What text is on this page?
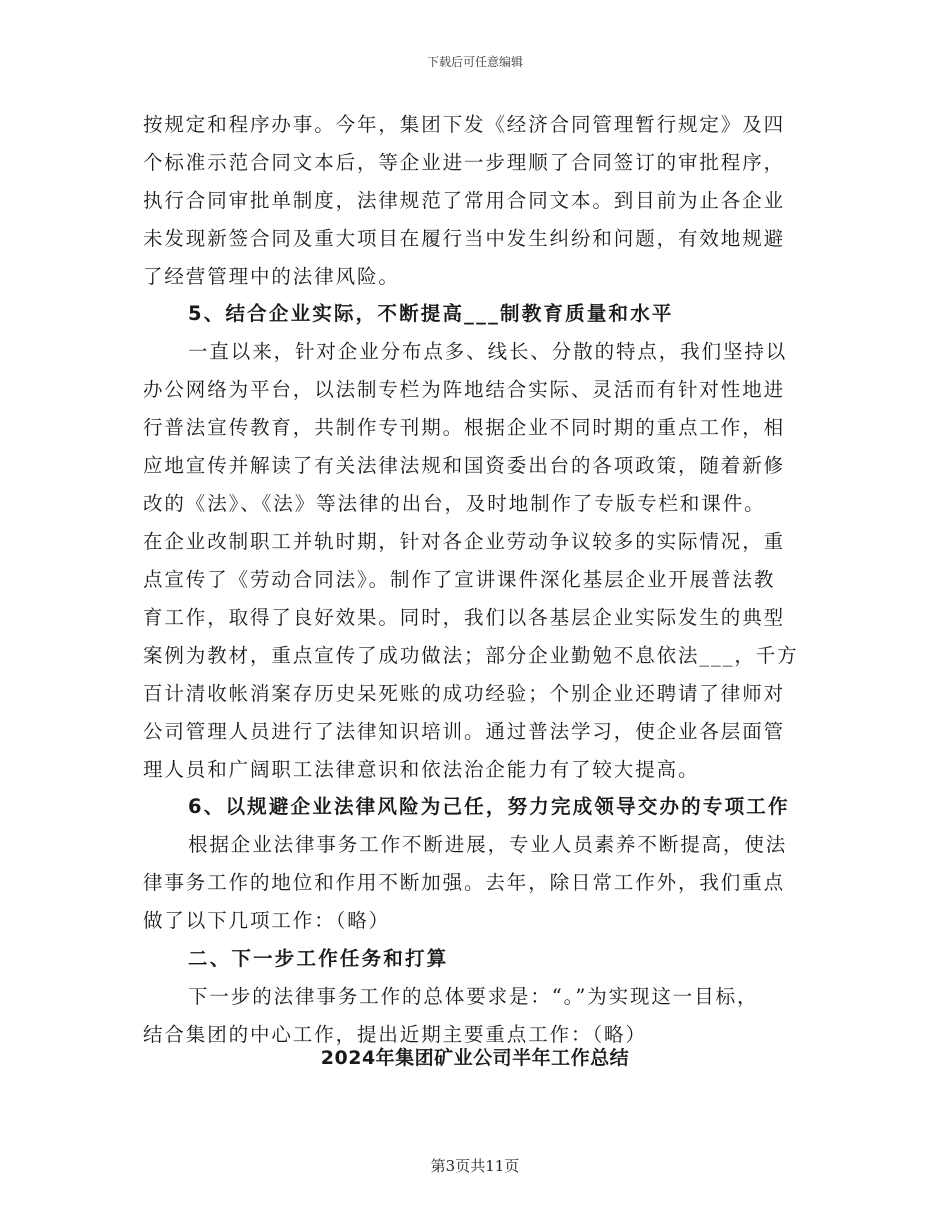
下载后可任意编辑
按规定和程序办事。今年，集团下发《经济合同管理暂行规定》及四
个标准示范合同文本后，等企业进一步理顺了合同签订的审批程序，
执行合同审批单制度，法律规范了常用合同文本。到目前为止各企业
未发现新签合同及重大项目在履行当中发生纠纷和问题，有效地规避
了经营管理中的法律风险。
5、结合企业实际，不断提高___制教育质量和水平
一直以来，针对企业分布点多、线长、分散的特点，我们坚持以
办公网络为平台，以法制专栏为阵地结合实际、灵活而有针对性地进
行普法宣传教育，共制作专刊期。根据企业不同时期的重点工作，相
应地宣传并解读了有关法律法规和国资委出台的各项政策，随着新修
改的《法》、《法》等法律的出台，及时地制作了专版专栏和课件。
在企业改制职工并轨时期，针对各企业劳动争议较多的实际情况，重
点宣传了《劳动合同法》。制作了宣讲课件深化基层企业开展普法教
育工作，取得了良好效果。同时，我们以各基层企业实际发生的典型
案例为教材，重点宣传了成功做法；部分企业勤勉不息依法___，千方
百计清收帐消案存历史呆死账的成功经验；个别企业还聘请了律师对
公司管理人员进行了法律知识培训。通过普法学习，使企业各层面管
理人员和广阔职工法律意识和依法治企能力有了较大提高。
6、以规避企业法律风险为己任，努力完成领导交办的专项工作
根据企业法律事务工作不断进展，专业人员素养不断提高，使法
律事务工作的地位和作用不断加强。去年，除日常工作外，我们重点
做了以下几项工作：（略）
二、下一步工作任务和打算
下一步的法律事务工作的总体要求是：“。”为实现这一目标，
结合集团的中心工作，提出近期主要重点工作：（略）
2024年集团矿业公司半年工作总结
第3页共11页
